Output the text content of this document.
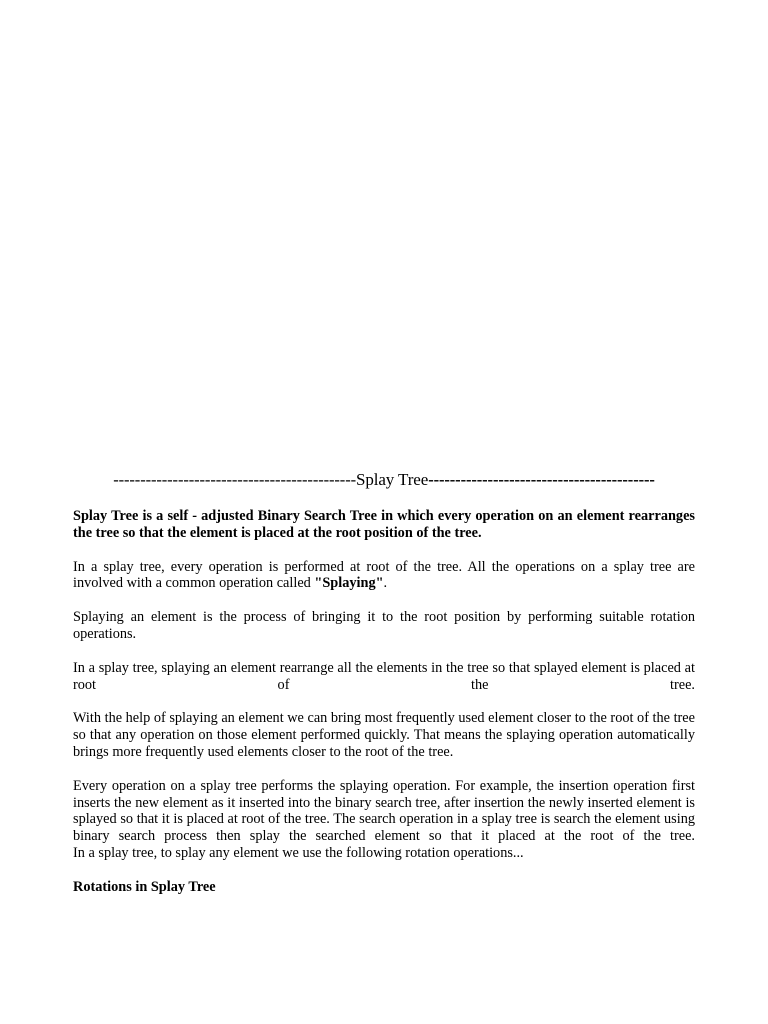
---------------------------------------------Splay Tree------------------------------------------

Splay Tree is a self - adjusted Binary Search Tree in which every operation on an element rearranges the tree so that the element is placed at the root position of the tree.

In a splay tree, every operation is performed at root of the tree. All the operations on a splay tree are involved with a common operation called "Splaying".

Splaying an element is the process of bringing it to the root position by performing suitable rotation operations.

In a splay tree, splaying an element rearrange all the elements in the tree so that splayed element is placed at root of the tree.

With the help of splaying an element we can bring most frequently used element closer to the root of the tree so that any operation on those element performed quickly. That means the splaying operation automatically brings more frequently used elements closer to the root of the tree.

Every operation on a splay tree performs the splaying operation. For example, the insertion operation first inserts the new element as it inserted into the binary search tree, after insertion the newly inserted element is splayed so that it is placed at root of the tree. The search operation in a splay tree is search the element using binary search process then splay the searched element so that it placed at the root of the tree.

In a splay tree, to splay any element we use the following rotation operations...

Rotations in Splay Tree
